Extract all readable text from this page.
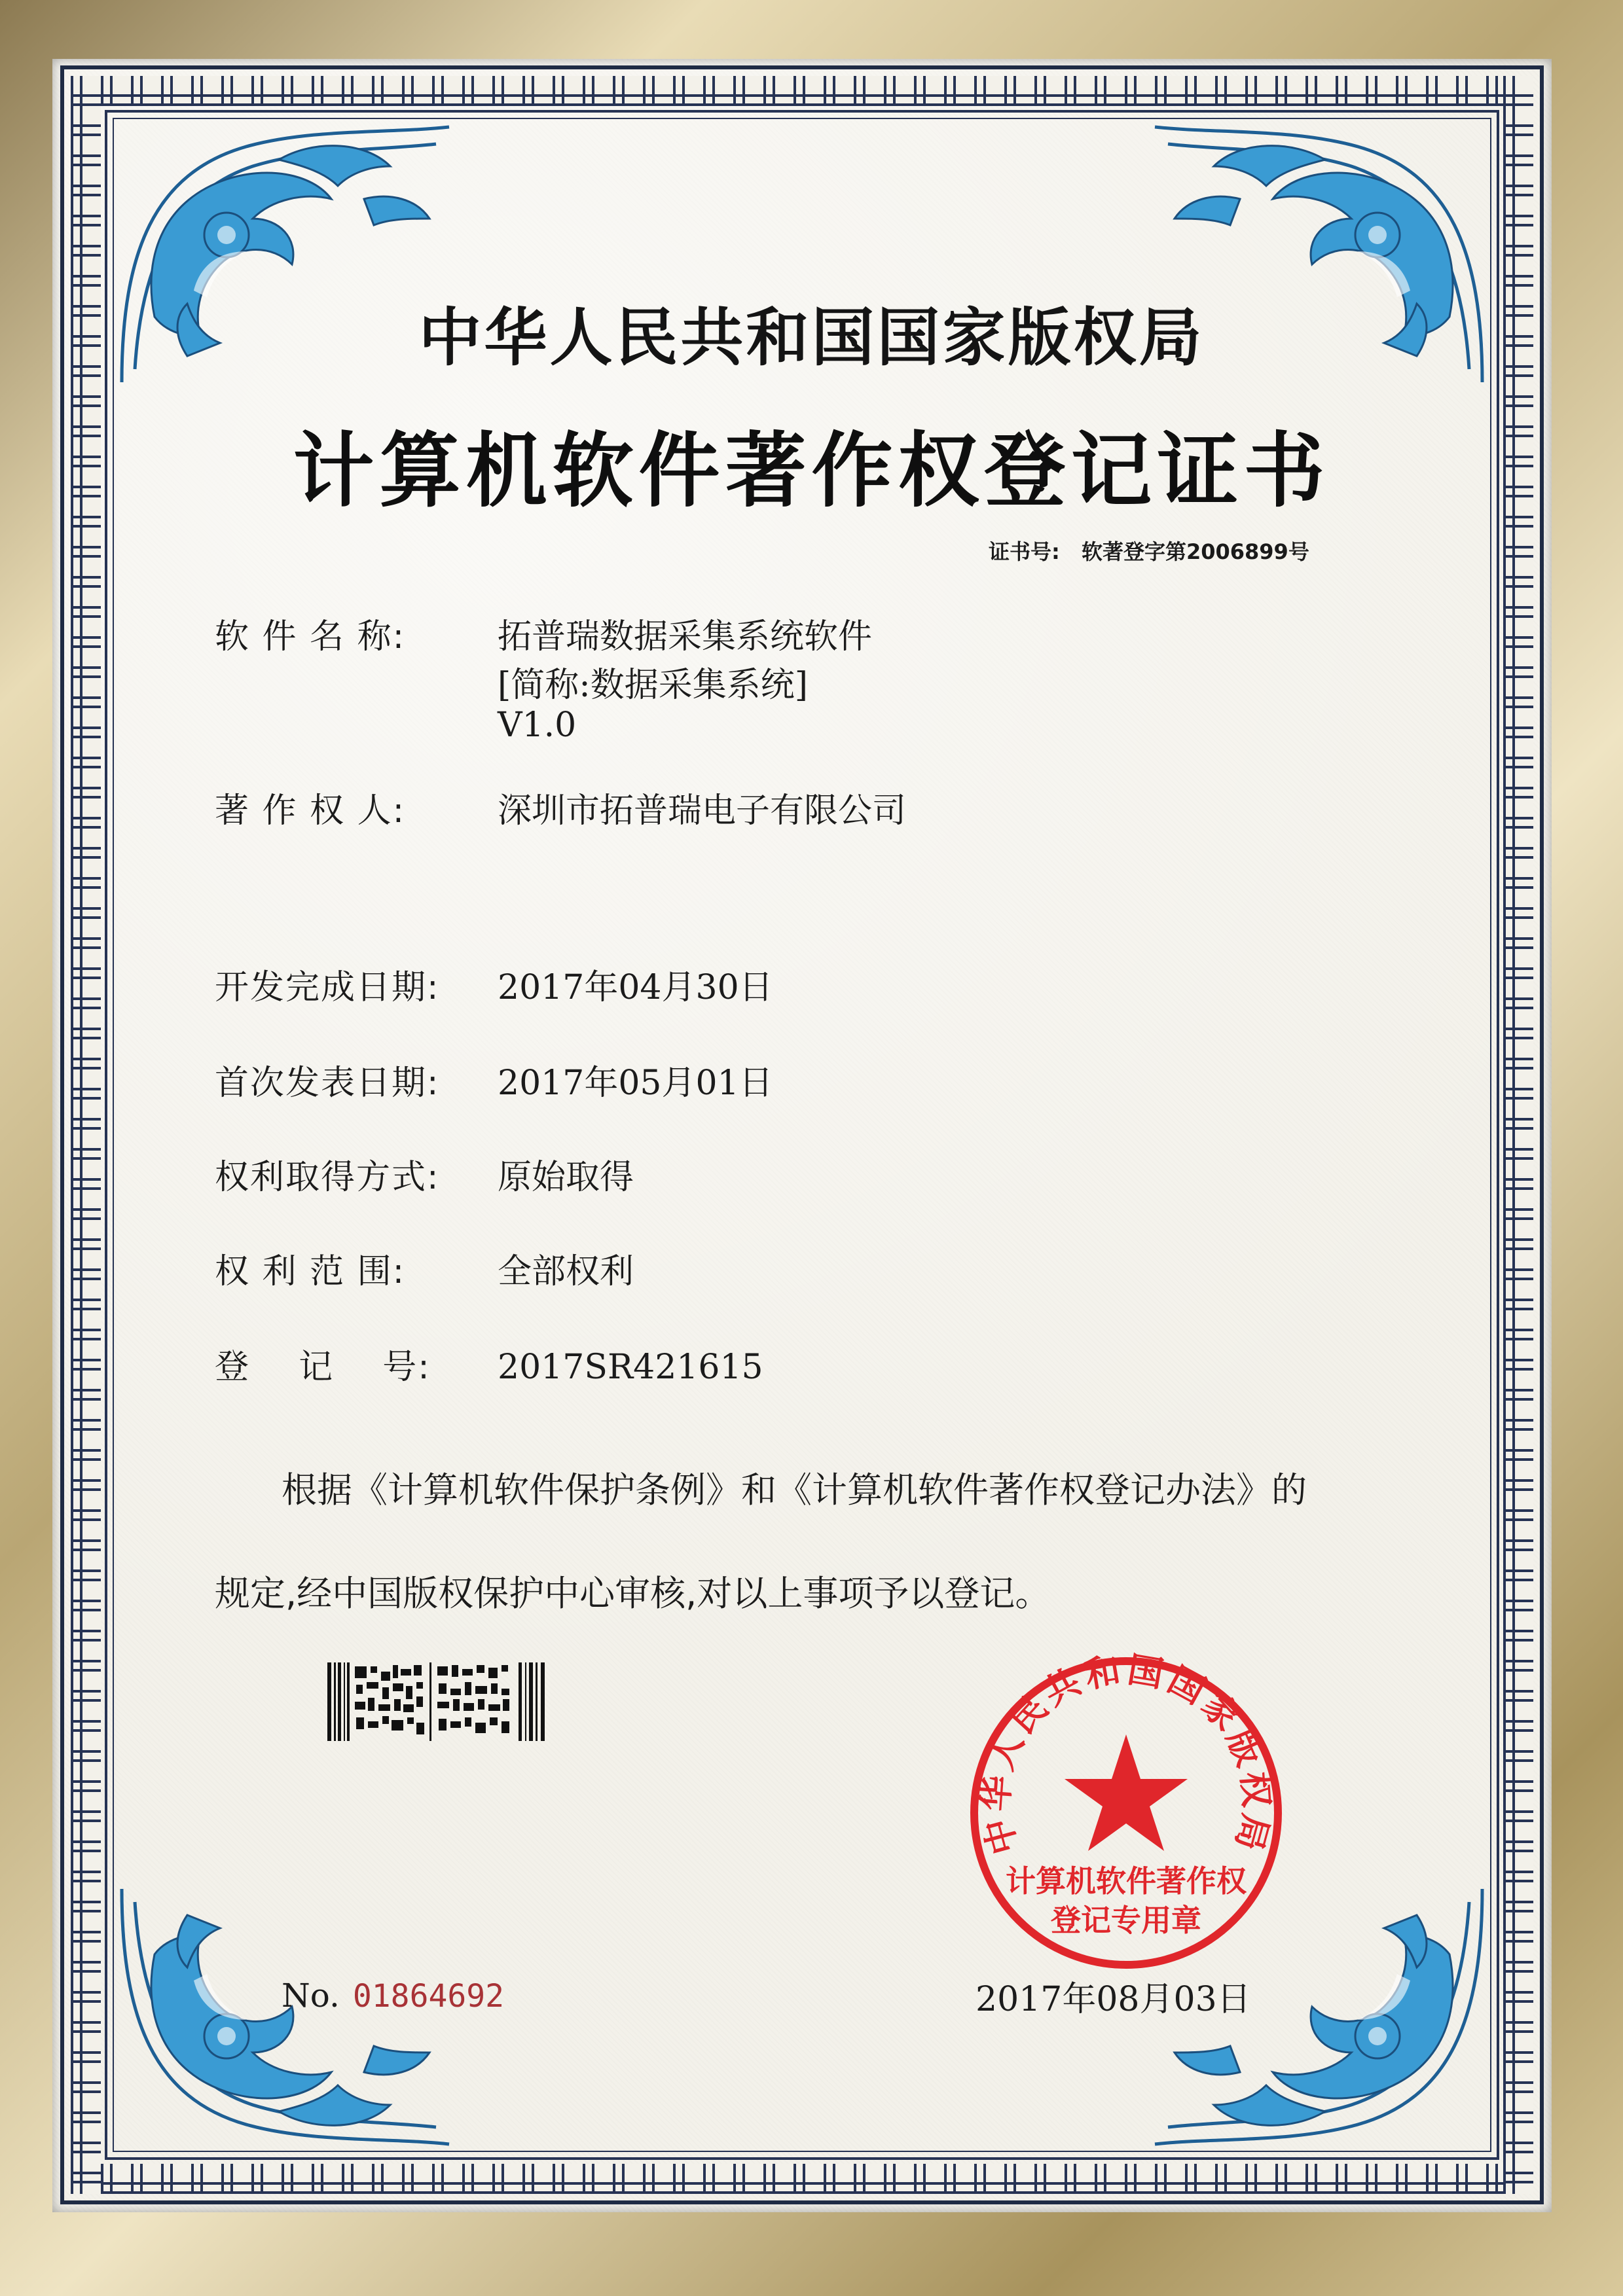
中华人民共和国国家版权局
计算机软件著作权登记证书
证书号: 软著登字第2006899号
软 件 名 称:	拓普瑞数据采集系统软件
[简称:数据采集系统]
V1.0
著 作 权 人:	深圳市拓普瑞电子有限公司
开发完成日期: 2017年04月30日
首次发表日期: 2017年05月01日
权利取得方式: 原始取得
权 利 范 围:	全部权利
登    记    号: 2017SR421615
根据《计算机软件保护条例》和《计算机软件著作权登记办法》的
规定,经中国版权保护中心审核,对以上事项予以登记。
中华人民共和国国家版权局
计算机软件著作权
登记专用章
No. 01864692	2017年08月03日
